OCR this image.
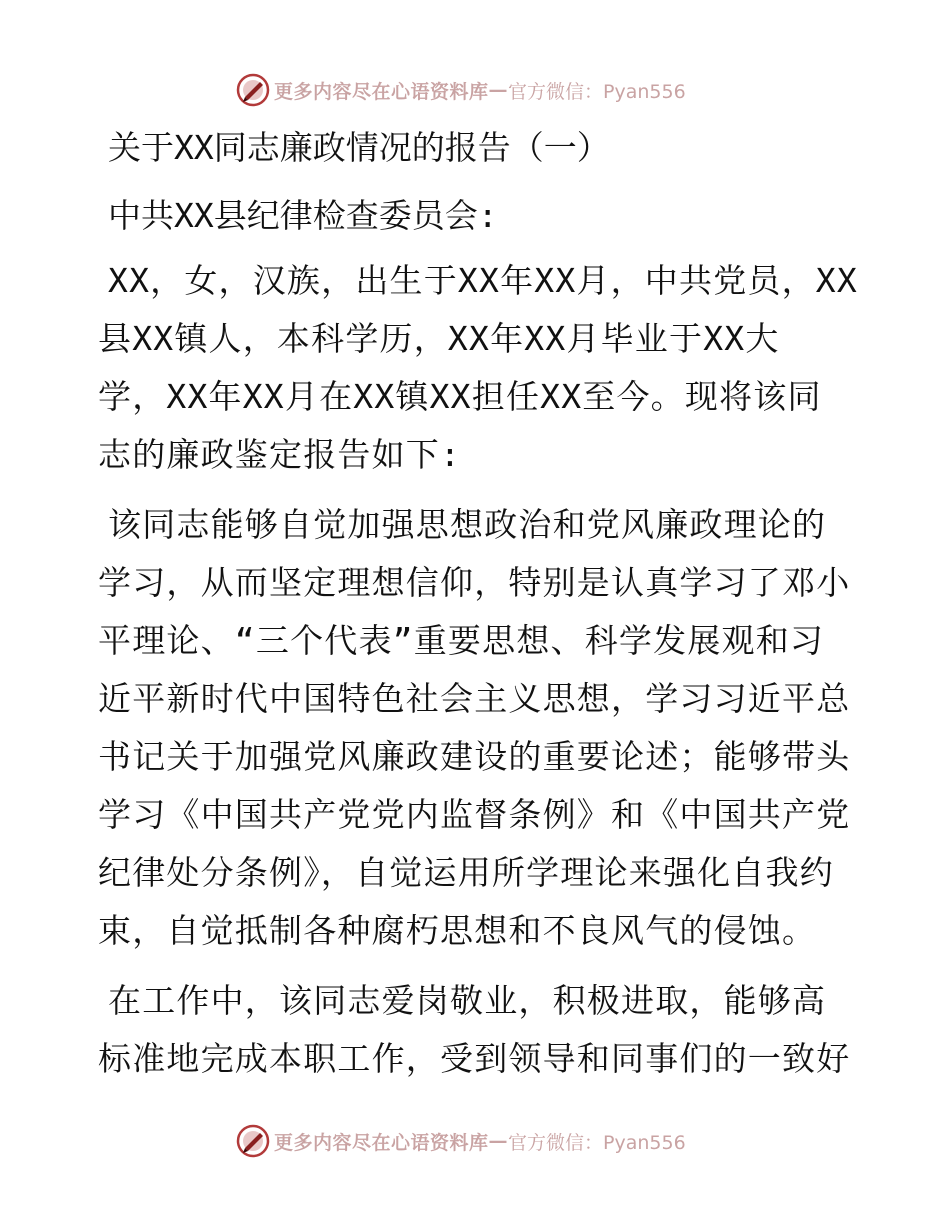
更多内容尽在心语资料库 — 官方微信：Pyan556

关于XX同志廉政情况的报告（一）

中共XX县纪律检查委员会:

XX，女，汉族，出生于XX年XX月，中共党员，XX
县XX镇人，本科学历，XX年XX月毕业于XX大
学，XX年XX月在XX镇XX担任XX至今。现将该同
志的廉政鉴定报告如下:

该同志能够自觉加强思想政治和党风廉政理论的
学习，从而坚定理想信仰，特别是认真学习了邓小
平理论、“三个代表”重要思想、科学发展观和习
近平新时代中国特色社会主义思想，学习习近平总
书记关于加强党风廉政建设的重要论述；能够带头
学习《中国共产党党内监督条例》和《中国共产党
纪律处分条例》，自觉运用所学理论来强化自我约
束，自觉抵制各种腐朽思想和不良风气的侵蚀。

在工作中，该同志爱岗敬业，积极进取，能够高
标准地完成本职工作，受到领导和同事们的一致好

更多内容尽在心语资料库 — 官方微信：Pyan556
